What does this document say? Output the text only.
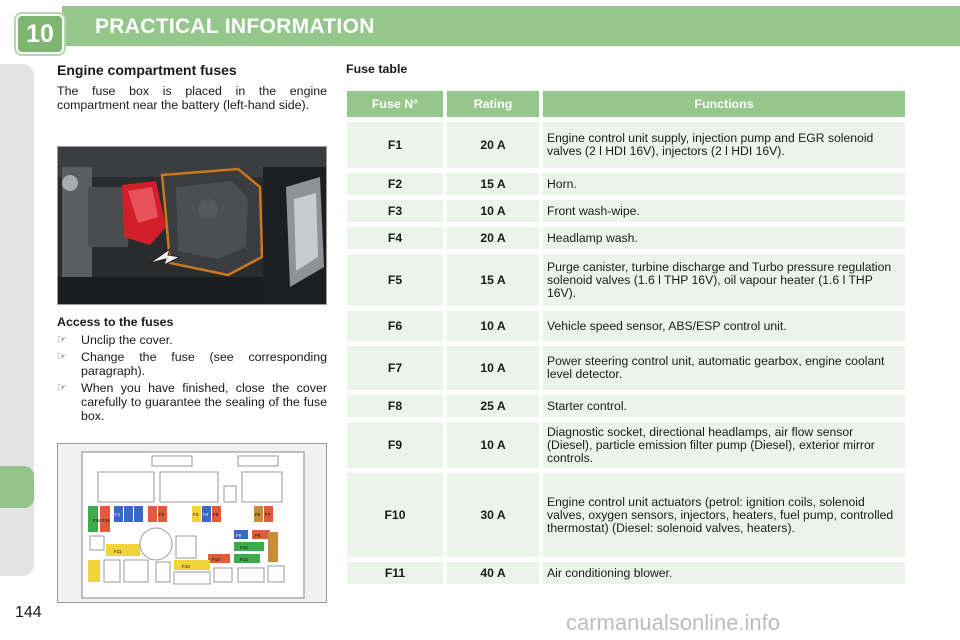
10 PRACTICAL INFORMATION
Engine compartment fuses

The fuse box is placed in the engine compartment near the battery (left-hand side).

Access to the fuses
☞	Unclip the cover.
☞	Change the fuse (see corresponding paragraph).
☞	When you have finished, close the cover carefully to guarantee the sealing of the fuse box.
F16 F15
F1
F12
F14
F13
F11
F10
F9	F8
F7
F6
F5
F4
F3
F2
144	carmanualsonline.info
Fuse table
Fuse N°	Rating	Functions
F1	20 A	Engine control unit supply, injection pump and EGR solenoid valves (2 l HDI 16V), injectors (2 l HDI 16V).
F2	15 A	Horn.
F3	10 A	Front wash-wipe.
F4	20 A	Headlamp wash.
F5	15 A	Purge canister, turbine discharge and Turbo pressure regulation solenoid valves (1.6 l THP 16V), oil vapour heater (1.6 l THP 16V).
F6	10 A	Vehicle speed sensor, ABS/ESP control unit.
F7	10 A	Power steering control unit, automatic gearbox, engine coolant level detector.
F8	25 A	Starter control.
F9	10 A	Diagnostic socket, directional headlamps, air flow sensor (Diesel), particle emission filter pump (Diesel), exterior mirror controls.
F10	30 A	Engine control unit actuators (petrol: ignition coils, solenoid valves, oxygen sensors, injectors, heaters, fuel pump, controlled thermostat) (Diesel: solenoid valves, heaters).
F11	40 A	Air conditioning blower.
